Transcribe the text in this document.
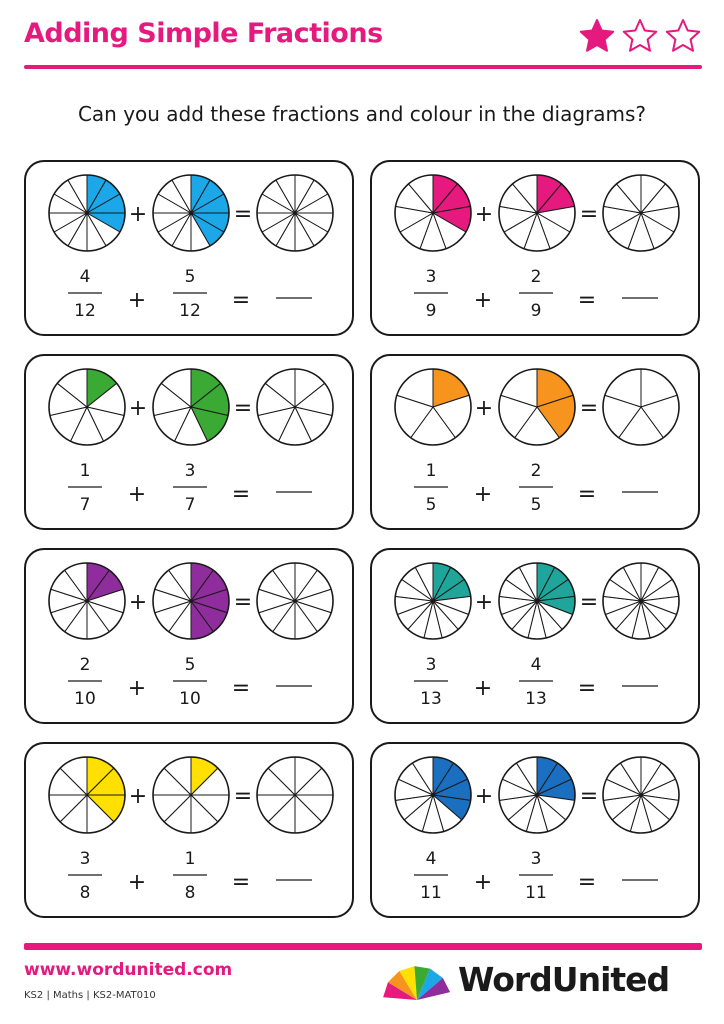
Adding Simple Fractions
Can you add these fractions and colour in the diagrams?
+	=
4
12 +
5
12 =
+	=
3
9 +
2
9 =
+	=
1
7 +
3
7 =
+	=
1
5 +
2
5 =
+	=
2
10 +
5
10 =
+	=
3
13 +
4
13 =
+	=
3
8 +
1
8 =
+	=
4
11 +
3
11 =
www.wordunited.com
KS2 | Maths | KS2-MAT010	WordUnited
